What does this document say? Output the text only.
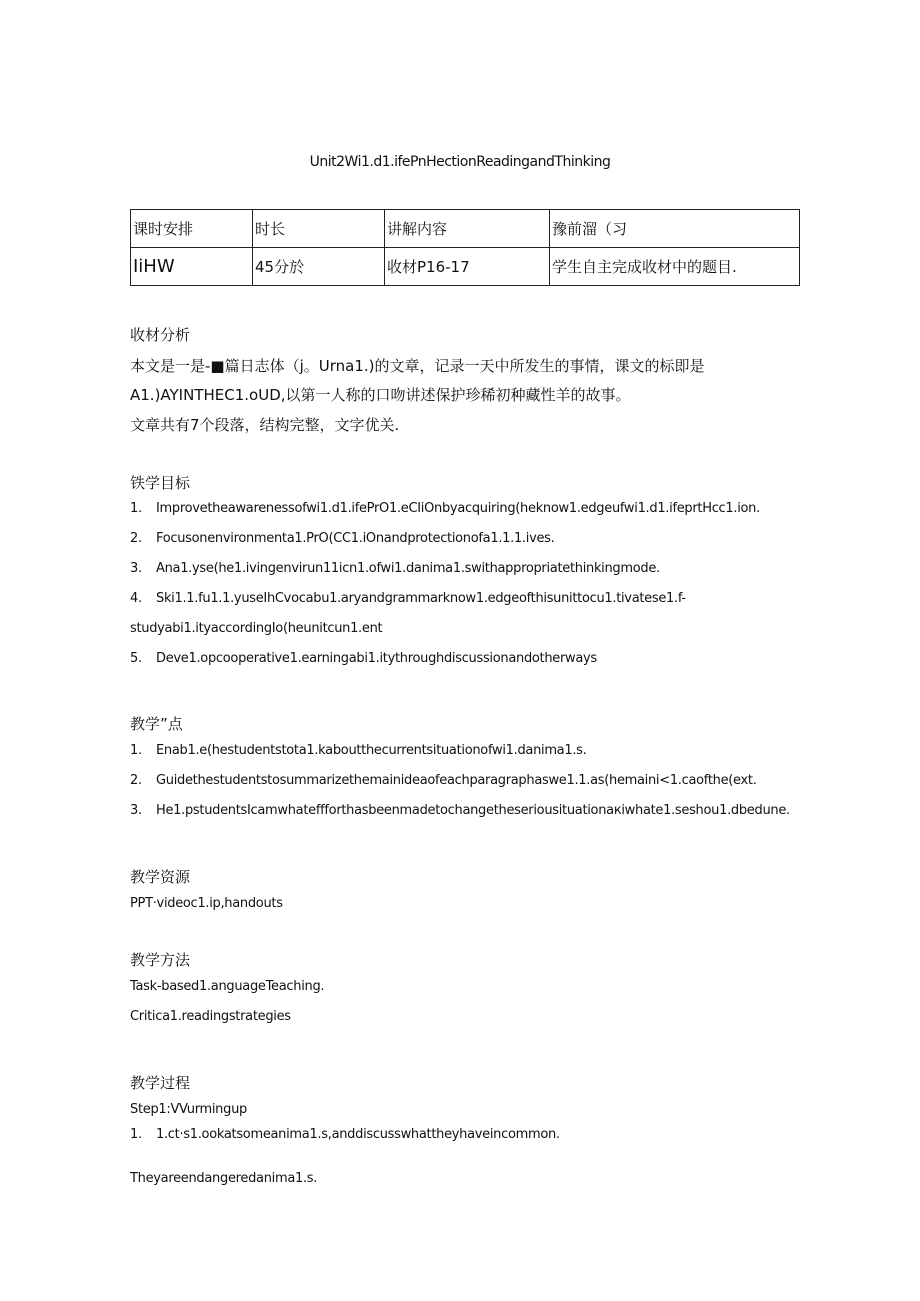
Unit2Wi1.d1.ifePnHectionReadingandThinking
课时安排	时长	讲解内容	豫前溜（习
IiHW	45分於	收材P16-17	学生自主完成收材中的题目.
收材分析
本文是一是-■篇日志体（j。Urna1.)的文章，记录一天中所发生的事情，课文的标即是
A1.)AYINTHEC1.oUD,以第一人称的口吻讲述保护珍稀初种藏性羊的故事。
文章共有7个段落，结构完整，文字优关.
铁学目标
1. Improvetheawarenessofwi1.d1.ifePrO1.eCIiOnbyacquiring(heknow1.edgeufwi1.d1.ifeprtHcc1.ion.
2. Focusonenvironmenta1.PrO(CC1.iOnandprotectionofa1.1.1.ives.
3. Ana1.yse(he1.ivingenvirun11icn1.ofwi1.danima1.swithappropriatethinkingmode.
4. Ski1.1.fu1.1.yuseIhCvocabu1.aryandgrammarknow1.edgeofthisunittocu1.tivatese1.f-
studyabi1.ityaccordingIo(heunitcun1.ent
5. Deve1.opcooperative1.earningabi1.itythroughdiscussionandotherways
教学”点
1. Enab1.e(hestudentstota1.kaboutthecurrentsituationofwi1.danima1.s.
2. Guidethestudentstosummarizethemainideaofeachparagraphaswe1.1.as(hemaini<1.caofthe(ext.
3. He1.pstudentsIcamwhateffforthasbeenmadetochangetheseriousituationaкiwhate1.seshou1.dbedune.
教学资源
PPT·videoc1.ip,handouts
教学方法
Task-based1.anguageTeaching.
Critica1.readingstrategies
教学过程
Step1:VVurmingup
1. 1.ct·s1.ookatsomeanima1.s,anddiscusswhattheyhaveincommon.
Theyareendangeredanima1.s.
